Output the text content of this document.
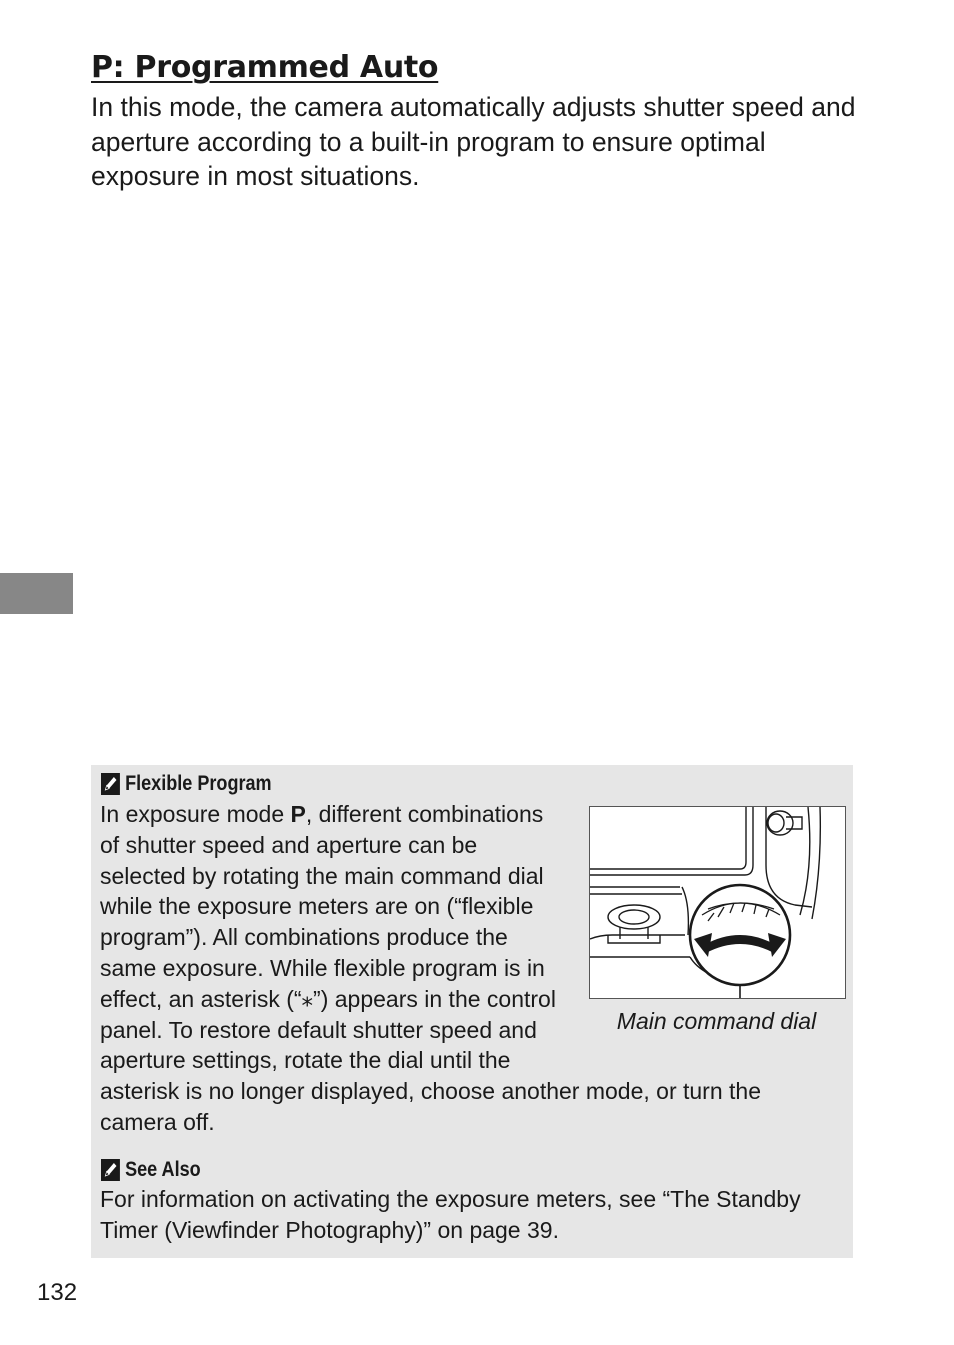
P: Programmed Auto

In this mode, the camera automatically adjusts shutter speed and aperture according to a built-in program to ensure optimal exposure in most situations.

Flexible Program

In exposure mode P, different combinations
of shutter speed and aperture can be
selected by rotating the main command dial
while the exposure meters are on (“flexible
program”). All combinations produce the
same exposure. While flexible program is in
effect, an asterisk (“⁎”) appears in the control
panel. To restore default shutter speed and
aperture settings, rotate the dial until the
asterisk is no longer displayed, choose another mode, or turn the
camera off.

Main command dial
See Also

For information on activating the exposure meters, see “The Standby Timer (Viewfinder Photography)” on page 39.

132
